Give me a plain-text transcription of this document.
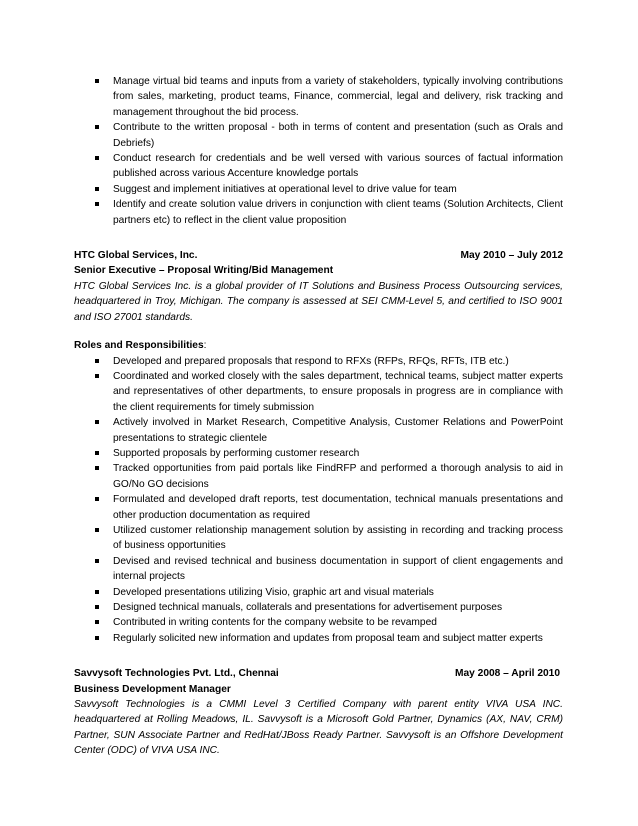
Manage virtual bid teams and inputs from a variety of stakeholders, typically involving contributions from sales, marketing, product teams, Finance, commercial, legal and delivery, risk tracking and management throughout the bid process.
Contribute to the written proposal - both in terms of content and presentation (such as Orals and Debriefs)
Conduct research for credentials and be well versed with various sources of factual information published across various Accenture knowledge portals
Suggest and implement initiatives at operational level to drive value for team
Identify and create solution value drivers in conjunction with client teams (Solution Architects, Client partners etc) to reflect in the client value proposition
HTC Global Services, Inc.	May 2010 – July 2012
Senior Executive – Proposal Writing/Bid Management
HTC Global Services Inc. is a global provider of IT Solutions and Business Process Outsourcing services, headquartered in Troy, Michigan. The company is assessed at SEI CMM-Level 5, and certified to ISO 9001 and ISO 27001 standards.
Roles and Responsibilities:
Developed and prepared proposals that respond to RFXs (RFPs, RFQs, RFTs, ITB etc.)
Coordinated and worked closely with the sales department, technical teams, subject matter experts and representatives of other departments, to ensure proposals in progress are in compliance with the client requirements for timely submission
Actively involved in Market Research, Competitive Analysis, Customer Relations and PowerPoint presentations to strategic clientele
Supported proposals by performing customer research
Tracked opportunities from paid portals like FindRFP and performed a thorough analysis to aid in GO/No GO decisions
Formulated and developed draft reports, test documentation, technical manuals presentations and other production documentation as required
Utilized customer relationship management solution by assisting in recording and tracking process of business opportunities
Devised and revised technical and business documentation in support of client engagements and internal projects
Developed presentations utilizing Visio, graphic art and visual materials
Designed technical manuals, collaterals and presentations for advertisement purposes
Contributed in writing contents for the company website to be revamped
Regularly solicited new information and updates from proposal team and subject matter experts
Savvysoft Technologies Pvt. Ltd., Chennai	May 2008 – April 2010
Business Development Manager
Savvysoft Technologies is a CMMI Level 3 Certified Company with parent entity VIVA USA INC. headquartered at Rolling Meadows, IL. Savvysoft is a Microsoft Gold Partner, Dynamics (AX, NAV, CRM) Partner, SUN Associate Partner and RedHat/JBoss Ready Partner. Savvysoft is an Offshore Development Center (ODC) of VIVA USA INC.
